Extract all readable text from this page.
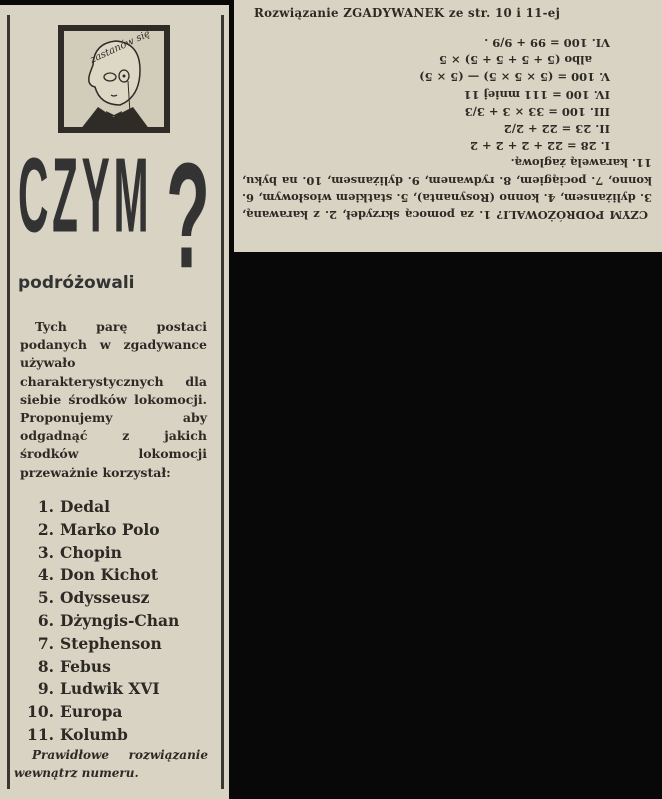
zastanów się
CZYM ?
podróżowali

Tych parę postaci podanych w zgadywance używało charakterystycznych dla siebie środków lokomocji. Proponujemy aby odgadnąć z jakich środków lokomocji przeważnie korzystał:

1. Dedal
2. Marko Polo
3. Chopin
4. Don Kichot
5. Odysseusz
6. Dżyngis-Chan
7. Stephenson
8. Febus
9. Ludwik XVI
10. Europa
11. Kolumb

Prawidłowe rozwiązanie wewnątrz numeru.

Rozwiązanie ZGADYWANEK ze str. 10 i 11-ej
CZYM PODRÓŻOWALI? 1. za pomocą skrzydeł, 2. z karawaną, 3. dyliżansem, 4. konno (Rosynanta), 5. statkiem wiosłowym, 6. konno, 7. pociągiem, 8. rydwanem, 9. dyliżansem, 10. na byku, 11. karawelą żaglową.
I. 28 = 22 + 2 + 2 + 2
II. 23 = 22 + 2/2
III. 100 = 33 × 3 + 3/3
IV. 100 = 111 mniej 11
V. 100 = (5 × 5 × 5) — (5 × 5)
albo (5 + 5 + 5 + 5) × 5
VI. 100 = 99 + 9/9 .
